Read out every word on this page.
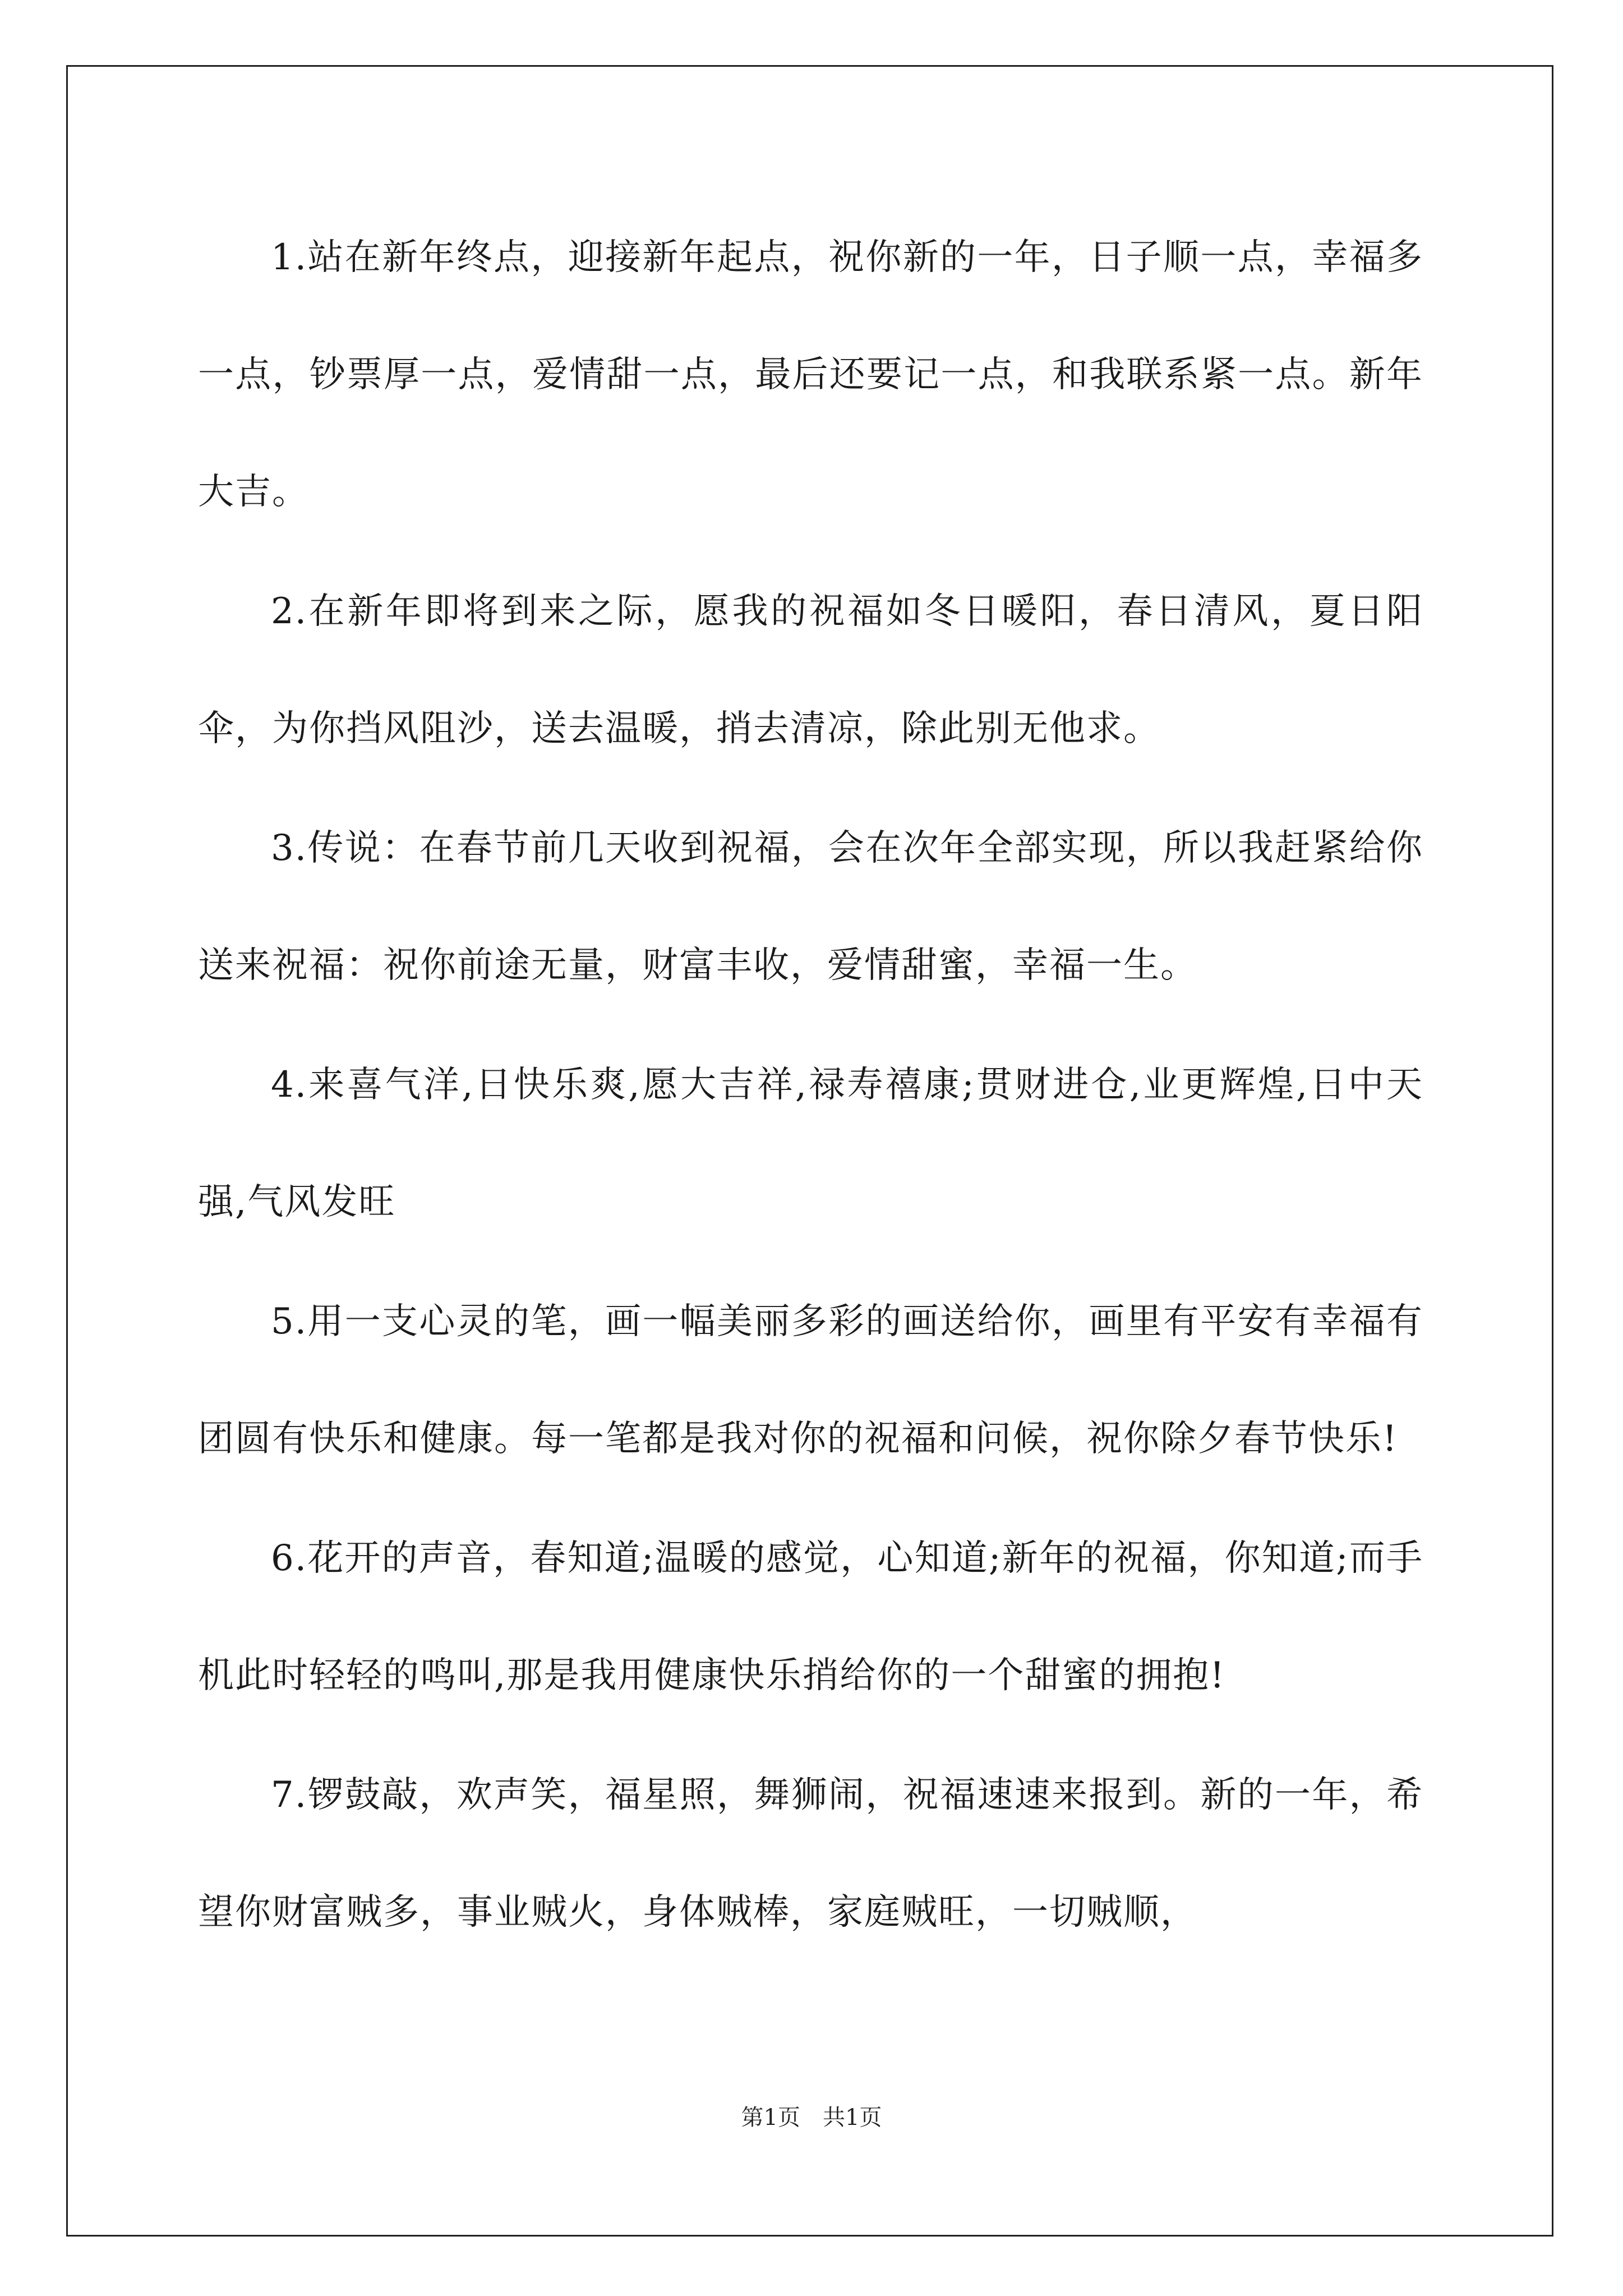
1.站在新年终点，迎接新年起点，祝你新的一年，日子顺一点，幸福多一点，钞票厚一点，爱情甜一点，最后还要记一点，和我联系紧一点。新年大吉。

2.在新年即将到来之际，愿我的祝福如冬日暖阳，春日清风，夏日阳伞，为你挡风阻沙，送去温暖，捎去清凉，除此别无他求。

3.传说：在春节前几天收到祝福，会在次年全部实现，所以我赶紧给你送来祝福：祝你前途无量，财富丰收，爱情甜蜜，幸福一生。

4.来喜气洋,日快乐爽,愿大吉祥,禄寿禧康;贯财进仓,业更辉煌,日中天强,气风发旺

5.用一支心灵的笔，画一幅美丽多彩的画送给你，画里有平安有幸福有团圆有快乐和健康。每一笔都是我对你的祝福和问候，祝你除夕春节快乐!

6.花开的声音，春知道;温暖的感觉，心知道;新年的祝福，你知道;而手机此时轻轻的鸣叫,那是我用健康快乐捎给你的一个甜蜜的拥抱!

7.锣鼓敲，欢声笑，福星照，舞狮闹，祝福速速来报到。新的一年，希望你财富贼多，事业贼火，身体贼棒，家庭贼旺，一切贼顺，

第1页　共1页
